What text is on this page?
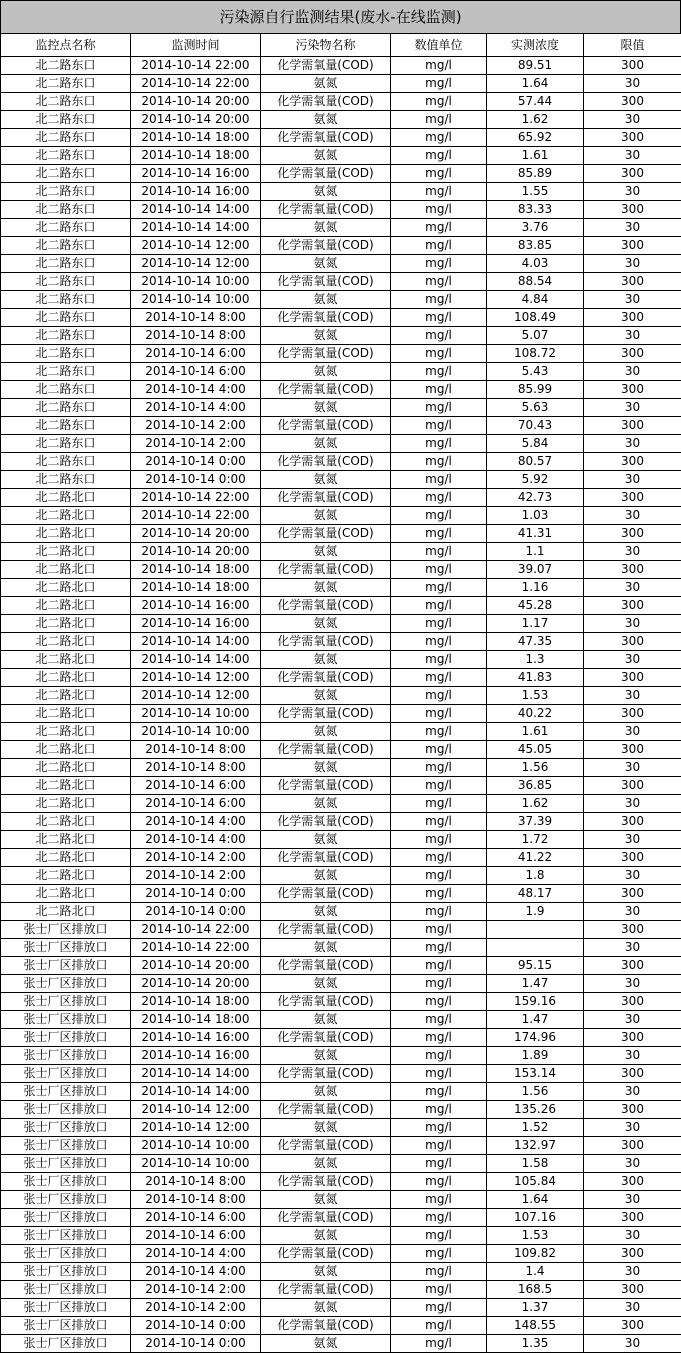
污染源自行监测结果(废水-在线监测)
监控点名称	监测时间	污染物名称	数值单位	实测浓度	限值
北二路东口	2014-10-14 22:00	化学需氧量(COD)	mg/l	89.51	300
北二路东口	2014-10-14 22:00	氨氮	mg/l	1.64	30
北二路东口	2014-10-14 20:00	化学需氧量(COD)	mg/l	57.44	300
北二路东口	2014-10-14 20:00	氨氮	mg/l	1.62	30
北二路东口	2014-10-14 18:00	化学需氧量(COD)	mg/l	65.92	300
北二路东口	2014-10-14 18:00	氨氮	mg/l	1.61	30
北二路东口	2014-10-14 16:00	化学需氧量(COD)	mg/l	85.89	300
北二路东口	2014-10-14 16:00	氨氮	mg/l	1.55	30
北二路东口	2014-10-14 14:00	化学需氧量(COD)	mg/l	83.33	300
北二路东口	2014-10-14 14:00	氨氮	mg/l	3.76	30
北二路东口	2014-10-14 12:00	化学需氧量(COD)	mg/l	83.85	300
北二路东口	2014-10-14 12:00	氨氮	mg/l	4.03	30
北二路东口	2014-10-14 10:00	化学需氧量(COD)	mg/l	88.54	300
北二路东口	2014-10-14 10:00	氨氮	mg/l	4.84	30
北二路东口	2014-10-14 8:00	化学需氧量(COD)	mg/l	108.49	300
北二路东口	2014-10-14 8:00	氨氮	mg/l	5.07	30
北二路东口	2014-10-14 6:00	化学需氧量(COD)	mg/l	108.72	300
北二路东口	2014-10-14 6:00	氨氮	mg/l	5.43	30
北二路东口	2014-10-14 4:00	化学需氧量(COD)	mg/l	85.99	300
北二路东口	2014-10-14 4:00	氨氮	mg/l	5.63	30
北二路东口	2014-10-14 2:00	化学需氧量(COD)	mg/l	70.43	300
北二路东口	2014-10-14 2:00	氨氮	mg/l	5.84	30
北二路东口	2014-10-14 0:00	化学需氧量(COD)	mg/l	80.57	300
北二路东口	2014-10-14 0:00	氨氮	mg/l	5.92	30
北二路北口	2014-10-14 22:00	化学需氧量(COD)	mg/l	42.73	300
北二路北口	2014-10-14 22:00	氨氮	mg/l	1.03	30
北二路北口	2014-10-14 20:00	化学需氧量(COD)	mg/l	41.31	300
北二路北口	2014-10-14 20:00	氨氮	mg/l	1.1	30
北二路北口	2014-10-14 18:00	化学需氧量(COD)	mg/l	39.07	300
北二路北口	2014-10-14 18:00	氨氮	mg/l	1.16	30
北二路北口	2014-10-14 16:00	化学需氧量(COD)	mg/l	45.28	300
北二路北口	2014-10-14 16:00	氨氮	mg/l	1.17	30
北二路北口	2014-10-14 14:00	化学需氧量(COD)	mg/l	47.35	300
北二路北口	2014-10-14 14:00	氨氮	mg/l	1.3	30
北二路北口	2014-10-14 12:00	化学需氧量(COD)	mg/l	41.83	300
北二路北口	2014-10-14 12:00	氨氮	mg/l	1.53	30
北二路北口	2014-10-14 10:00	化学需氧量(COD)	mg/l	40.22	300
北二路北口	2014-10-14 10:00	氨氮	mg/l	1.61	30
北二路北口	2014-10-14 8:00	化学需氧量(COD)	mg/l	45.05	300
北二路北口	2014-10-14 8:00	氨氮	mg/l	1.56	30
北二路北口	2014-10-14 6:00	化学需氧量(COD)	mg/l	36.85	300
北二路北口	2014-10-14 6:00	氨氮	mg/l	1.62	30
北二路北口	2014-10-14 4:00	化学需氧量(COD)	mg/l	37.39	300
北二路北口	2014-10-14 4:00	氨氮	mg/l	1.72	30
北二路北口	2014-10-14 2:00	化学需氧量(COD)	mg/l	41.22	300
北二路北口	2014-10-14 2:00	氨氮	mg/l	1.8	30
北二路北口	2014-10-14 0:00	化学需氧量(COD)	mg/l	48.17	300
北二路北口	2014-10-14 0:00	氨氮	mg/l	1.9	30
张士厂区排放口	2014-10-14 22:00	化学需氧量(COD)	mg/l		300
张士厂区排放口	2014-10-14 22:00	氨氮	mg/l		30
张士厂区排放口	2014-10-14 20:00	化学需氧量(COD)	mg/l	95.15	300
张士厂区排放口	2014-10-14 20:00	氨氮	mg/l	1.47	30
张士厂区排放口	2014-10-14 18:00	化学需氧量(COD)	mg/l	159.16	300
张士厂区排放口	2014-10-14 18:00	氨氮	mg/l	1.47	30
张士厂区排放口	2014-10-14 16:00	化学需氧量(COD)	mg/l	174.96	300
张士厂区排放口	2014-10-14 16:00	氨氮	mg/l	1.89	30
张士厂区排放口	2014-10-14 14:00	化学需氧量(COD)	mg/l	153.14	300
张士厂区排放口	2014-10-14 14:00	氨氮	mg/l	1.56	30
张士厂区排放口	2014-10-14 12:00	化学需氧量(COD)	mg/l	135.26	300
张士厂区排放口	2014-10-14 12:00	氨氮	mg/l	1.52	30
张士厂区排放口	2014-10-14 10:00	化学需氧量(COD)	mg/l	132.97	300
张士厂区排放口	2014-10-14 10:00	氨氮	mg/l	1.58	30
张士厂区排放口	2014-10-14 8:00	化学需氧量(COD)	mg/l	105.84	300
张士厂区排放口	2014-10-14 8:00	氨氮	mg/l	1.64	30
张士厂区排放口	2014-10-14 6:00	化学需氧量(COD)	mg/l	107.16	300
张士厂区排放口	2014-10-14 6:00	氨氮	mg/l	1.53	30
张士厂区排放口	2014-10-14 4:00	化学需氧量(COD)	mg/l	109.82	300
张士厂区排放口	2014-10-14 4:00	氨氮	mg/l	1.4	30
张士厂区排放口	2014-10-14 2:00	化学需氧量(COD)	mg/l	168.5	300
张士厂区排放口	2014-10-14 2:00	氨氮	mg/l	1.37	30
张士厂区排放口	2014-10-14 0:00	化学需氧量(COD)	mg/l	148.55	300
张士厂区排放口	2014-10-14 0:00	氨氮	mg/l	1.35	30
